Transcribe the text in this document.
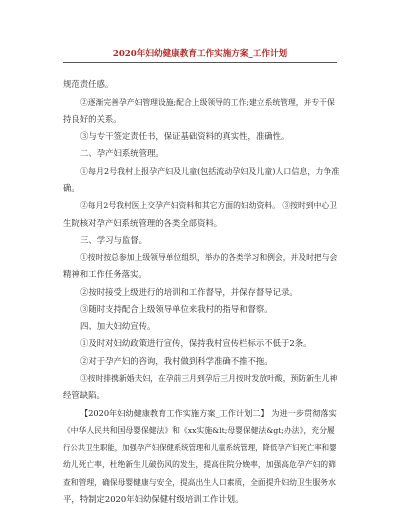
2020年妇幼健康教育工作实施方案_工作计划
规范责任感。
②逐渐完善孕产妇管理设施;配合上级领导的工作;建立系统管理，并专干保
持良好的关系。
③与专干签定责任书，保证基础资料的真实性，准确性。
二、孕产妇系统管理。
①每月2号我村上报孕产妇及儿童(包括流动孕妇及儿童)人口信息，力争准
确。
②每月2号我村医上交孕产妇资料和其它方面的妇幼资料。 ③按时到中心卫
生院核对孕产妇系统管理的各类全部资料。
三、学习与监督。
①按时按总参加上级领导单位组织，举办的各类学习和例会，并及时把与会
精神和工作任务落实。
②按时接受上级进行的培训和工作督导，并保存督导记录。
③随时支持配合上级领导单位来我村的指导和督察。
四、加大妇幼宣传。
①及时对妇幼政策进行宣传，保持我村宣传栏标示不低于2条。
②对于孕产妇的咨询，我村做到科学准确不推不拖。
③按时排携新婚夫妇，在孕前三月到孕后三月按时发放叶酸，预防新生儿神
经管缺陷。
【2020年妇幼健康教育工作实施方案_工作计划二】 为进一步贯彻落实
《中华人民共和国母婴保健法》和《xx实施&lt;母婴保健法&gt;办法》，充分履
行公共卫生职能，加强孕产妇保健系统管理和儿童系统管理，降低孕产妇死亡率和婴
幼儿死亡率，杜绝新生儿破伤风的发生，提高住院分娩率，加强高危孕产妇的筛
查和管理，确保母婴健康与安全，提高出生人口素质，全面提升妇幼卫生服务水
平，特制定2020年妇幼保健村级培训工作计划。
